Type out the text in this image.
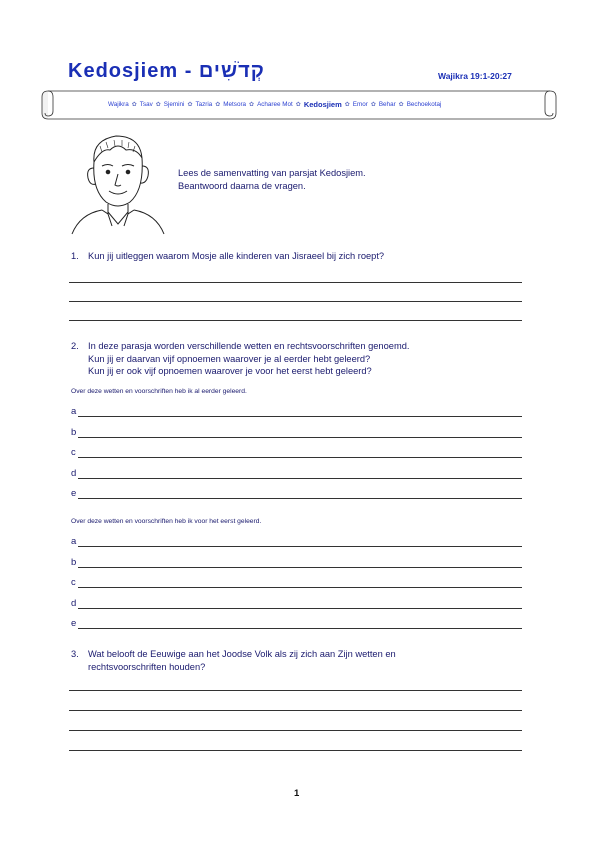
Kedosjiem - קְדֹשִׁים	Wajikra 19:1-20:27
Wajikra ✿ Tsav ✿ Sjemini ✿ Tazria ✿ Metsora ✿ Acharee Mot ✿ Kedosjiem ✿ Emor ✿ Behar ✿ Bechoekotaj
Lees de samenvatting van parsjat Kedosjiem.
Beantwoord daarna de vragen.
1. Kun jij uitleggen waarom Mosje alle kinderen van Jisraeel bij zich roept?
2. In deze parasja worden verschillende wetten en rechtsvoorschriften genoemd.
Kun jij er daarvan vijf opnoemen waarover je al eerder hebt geleerd?
Kun jij er ook vijf opnoemen waarover je voor het eerst hebt geleerd?
Over deze wetten en voorschriften heb ik al eerder geleerd.
a
b
c
d
e
Over deze wetten en voorschriften heb ik voor het eerst geleerd.
a
b
c
d
e
3. Wat belooft de Eeuwige aan het Joodse Volk als zij zich aan Zijn wetten en
rechtsvoorschriften houden?
1
